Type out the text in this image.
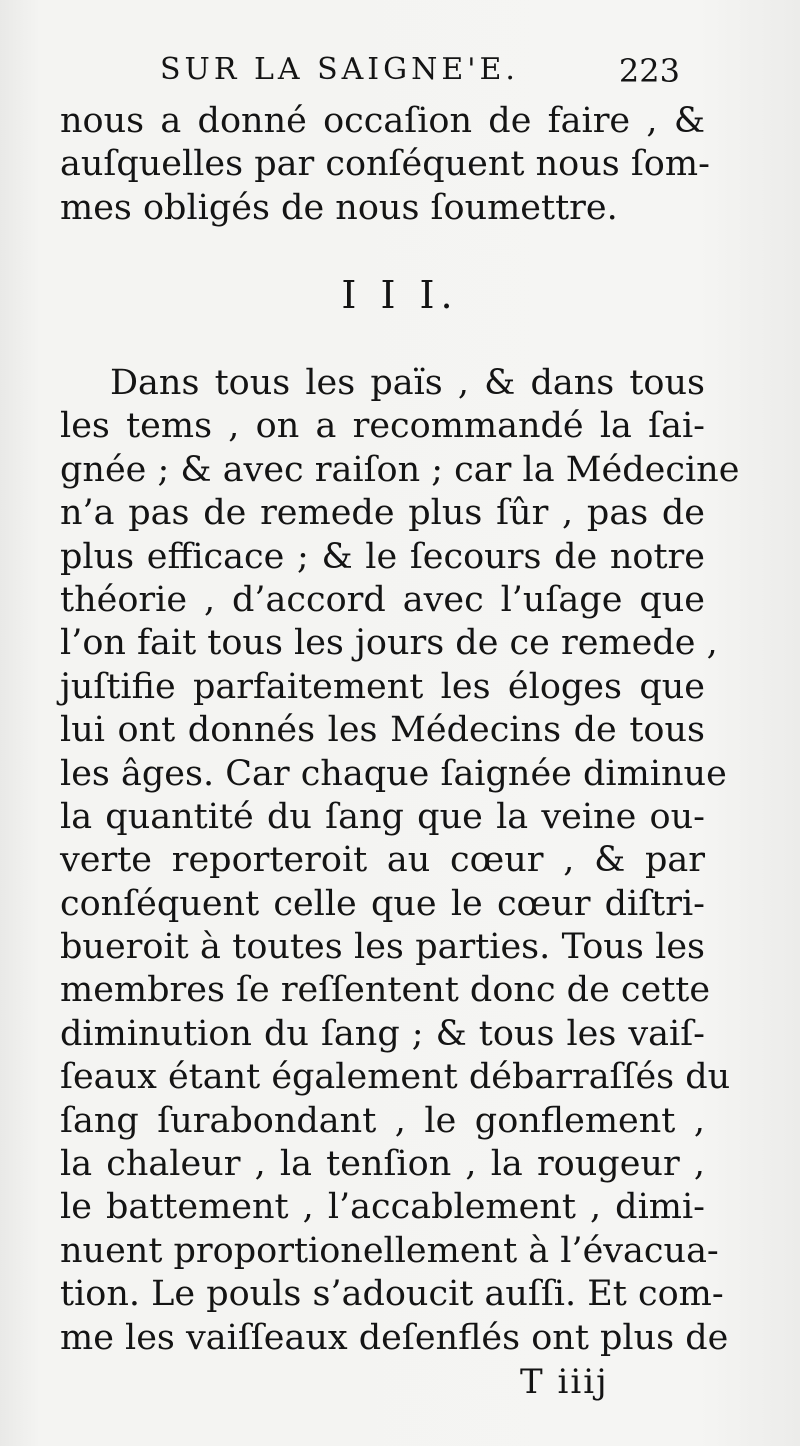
SUR LA SAIGNE'E.	223
nous a donné occaſion de faire , &
auſquelles par conſéquent nous ſom-
mes obligés de nous ſoumettre.
I I I.
Dans tous les païs , & dans tous
les tems , on a recommandé la ſai-
gnée ; & avec raiſon ; car la Médecine
n’a pas de remede plus ſûr , pas de
plus efficace ; & le ſecours de notre
théorie , d’accord avec l’uſage que
l’on fait tous les jours de ce remede ,
juſtifie parfaitement les éloges que
lui ont donnés les Médecins de tous
les âges. Car chaque ſaignée diminue
la quantité du ſang que la veine ou-
verte reporteroit au cœur , & par
conſéquent celle que le cœur diſtri-
bueroit à toutes les parties. Tous les
membres ſe reſſentent donc de cette
diminution du ſang ; & tous les vaiſ-
ſeaux étant également débarraſſés du
ſang ſurabondant , le gonflement ,
la chaleur , la tenſion , la rougeur ,
le battement , l’accablement , dimi-
nuent proportionellement à l’évacua-
tion. Le pouls s’adoucit auſſi. Et com-
me les vaiſſeaux deſenflés ont plus de
T iiij
